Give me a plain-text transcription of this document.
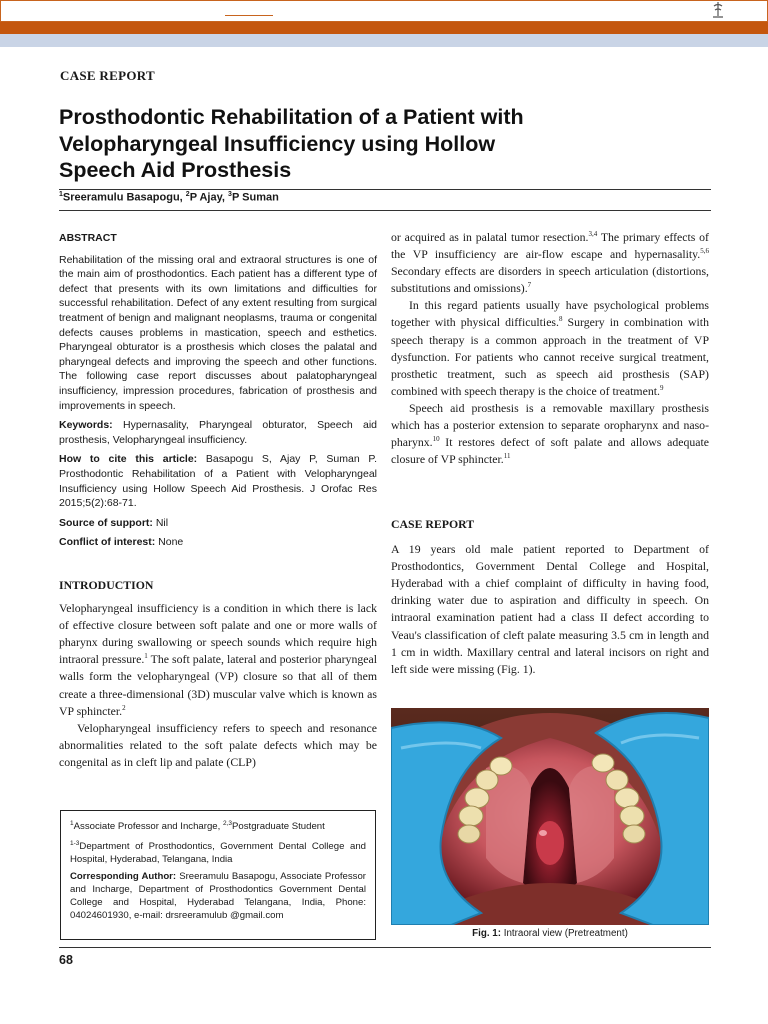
CASE REPORT
Prosthodontic Rehabilitation of a Patient with
Velopharyngeal Insufficiency using Hollow
Speech Aid Prosthesis
$^1$Sreeramulu Basapogu, $^2$P Ajay, $^3$P Suman

ABSTRACT

Rehabilitation of the missing oral and extraoral structures is one of the main aim of prosthodontics. Each patient has a different type of defect that presents with its own limitations and difficulties for successful rehabilitation. Defect of any extent resulting from surgical treatment of benign and malignant neoplasms, trauma or congenital defects causes problems in mastication, speech and esthetics. Pharyngeal obturator is a prosthesis which closes the palatal and pharyngeal defects and improving the speech and other functions. The following case report discusses about palatopharyngeal insufficiency, impression procedures, fabrication of prosthesis and improvements in speech.

Keywords: Hypernasality, Pharyngeal obturator, Speech aid prosthesis, Velopharyngeal insufficiency.

How to cite this article: Basapogu S, Ajay P, Suman P. Prosthodontic Rehabilitation of a Patient with Velopharyngeal Insufficiency using Hollow Speech Aid Prosthesis. J Orofac Res 2015;5(2):68-71.

Source of support: Nil

Conflict of interest: None

INTRODUCTION

Velopharyngeal insufficiency is a condition in which there is lack of effective closure between soft palate and one or more walls of pharynx during swallowing or speech sounds which require high intraoral pressure.$^1$ The soft palate, lateral and posterior pharyngeal walls form the velopharyngeal (VP) closure so that all of them create a three-dimensional (3D) muscular valve which is known as VP sphincter.$^2$

Velopharyngeal insufficiency refers to speech and resonance abnormalities related to the soft palate defects which may be congenital as in cleft lip and palate (CLP)

$^1$Associate Professor and Incharge, $^{2,3}$Postgraduate Student

$^{1-3}$Department of Prosthodontics, Government Dental College and Hospital, Hyderabad, Telangana, India

Corresponding Author: Sreeramulu Basapogu, Associate Professor and Incharge, Department of Prosthodontics Government Dental College and Hospital, Hyderabad Telangana, India, Phone: 04024601930, e-mail: drsreeramulub @gmail.com

or acquired as in palatal tumor resection.$^{3,4}$ The primary effects of the VP insufficiency are air-flow escape and hypernasality.$^{5,6}$ Secondary effects are disorders in speech articulation (distortions, substitutions and omissions).$^7$

In this regard patients usually have psychological problems together with physical difficulties.$^8$ Surgery in combination with speech therapy is a common approach in the treatment of VP dysfunction. For patients who cannot receive surgical treatment, prosthetic treatment, such as speech aid prosthesis (SAP) combined with speech therapy is the choice of treatment.$^9$

Speech aid prosthesis is a removable maxillary prosthesis which has a posterior extension to separate oropharynx and naso-pharynx.$^{10}$ It restores defect of soft palate and allows adequate closure of VP sphincter.$^{11}$

CASE REPORT

A 19 years old male patient reported to Department of Prosthodontics, Government Dental College and Hospital, Hyderabad with a chief complaint of difficulty in having food, drinking water due to aspiration and difficulty in speech. On intraoral examination patient had a class II defect according to Veau's classification of cleft palate measuring 3.5 cm in length and 1 cm in width. Maxillary central and lateral incisors on right and left side were missing (Fig. 1).

Fig. 1: Intraoral view (Pretreatment)
68
